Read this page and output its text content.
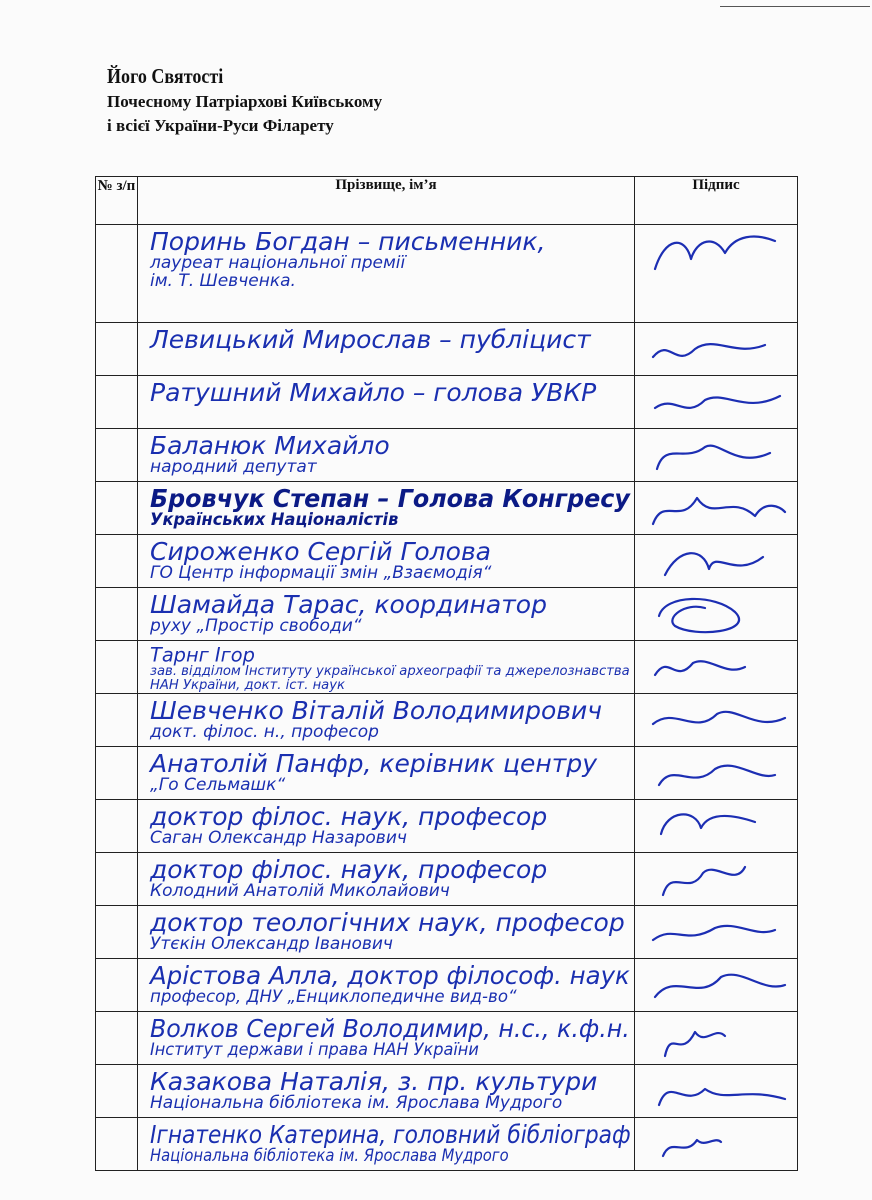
Його Святості
Почесному Патріархові Київському
і всієї України-Руси Філарету
№ з/п	Прізвище, ім’я	Підпис

	Поринь Богдан – письменник,
лауреат національної премії
ім. Т. Шевченка.

	Левицький Мирослав – публіцист

	Ратушний Михайло – голова УВКР

	Баланюк Михайло
народний депутат

	Бровчук Степан – Голова Конгресу
Українських Націоналістів

	Сироженко Сергій Голова
ГО Центр інформації змін „Взаємодія“

	Шамайда Тарас, координатор
руху „Простір свободи“

	Тарнг Ігор
зав. відділом Інституту української археографії та джерелознавства
НАН України, докт. іст. наук

	Шевченко Віталій Володимирович
докт. філос. н., професор

	Анатолій Панфр, керівник центру
„Го Сельмашк“

	доктор філос. наук, професор
Саган Олександр Назарович

	доктор філос. наук, професор
Колодний Анатолій Миколайович

	доктор теологічних наук, професор
Утєкін Олександр Іванович

	Арістова Алла, доктор філософ. наук
професор, ДНУ „Енциклопедичне вид-во“

	Волков Сергей Володимир, н.с., к.ф.н.
Інститут держави і права НАН України

	Казакова Наталія, з. пр. культури
Національна бібліотека ім. Ярослава Мудрого

	Ігнатенко Катерина, головний бібліограф
Національна бібліотека ім. Ярослава Мудрого
